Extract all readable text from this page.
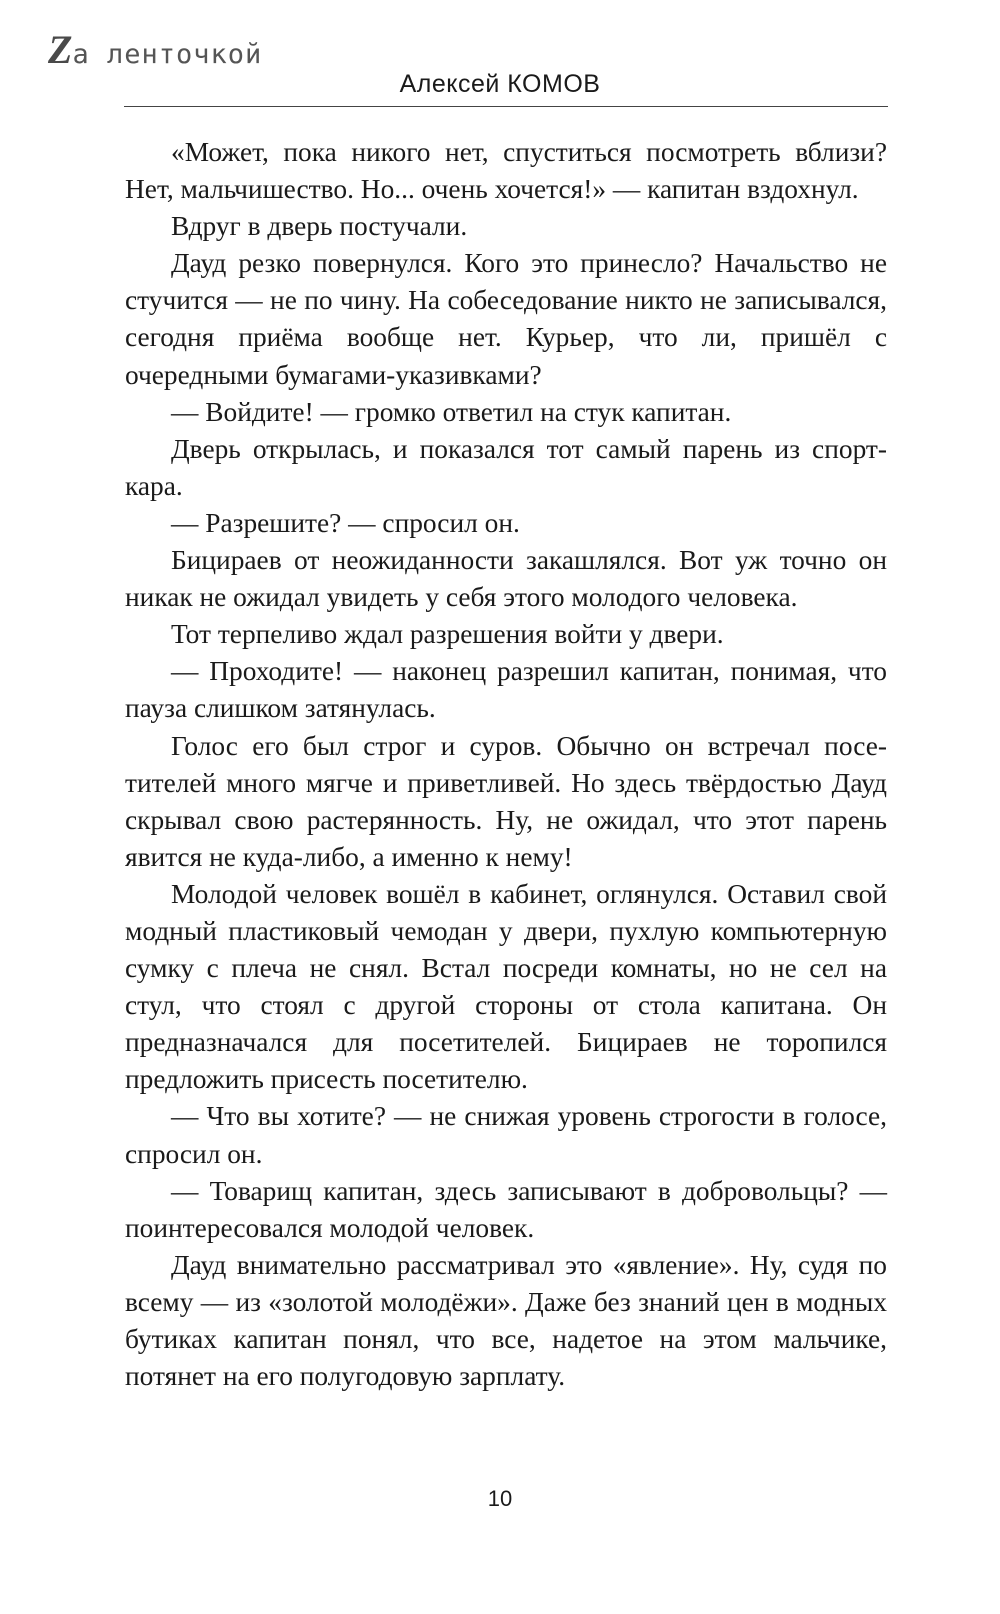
Za ленточкой
Алексей КОМОВ

«Может, пока никого нет, спуститься посмотреть вблизи? Нет, мальчишество. Но... очень хочется!» — капитан вздохнул.

Вдруг в дверь постучали.

Дауд резко повернулся. Кого это принесло? Начальство не стучится — не по чину. На собеседование никто не записывался, сегодня приёма вообще нет. Курьер, что ли, пришёл с очередными бумагами-указивками?

— Войдите! — громко ответил на стук капитан.

Дверь открылась, и показался тот самый парень из спорткара.

— Разрешите? — спросил он.

Бицираев от неожиданности закашлялся. Вот уж точно он никак не ожидал увидеть у себя этого молодого человека.

Тот терпеливо ждал разрешения войти у двери.

— Проходите! — наконец разрешил капитан, понимая, что пауза слишком затянулась.

Голос его был строг и суров. Обычно он встречал посетителей много мягче и приветливей. Но здесь твёрдостью Дауд скрывал свою растерянность. Ну, не ожидал, что этот парень явится не куда-либо, а именно к нему!

Молодой человек вошёл в кабинет, оглянулся. Оставил свой модный пластиковый чемодан у двери, пухлую компьютерную сумку с плеча не снял. Встал посреди комнаты, но не сел на стул, что стоял с другой стороны от стола капитана. Он предназначался для посетителей. Бицираев не торопился предложить присесть посетителю.

— Что вы хотите? — не снижая уровень строгости в голосе, спросил он.

— Товарищ капитан, здесь записывают в добровольцы? — поинтересовался молодой человек.

Дауд внимательно рассматривал это «явление». Ну, судя по всему — из «золотой молодёжи». Даже без знаний цен в модных бутиках капитан понял, что все, надетое на этом мальчике, потянет на его полугодовую зарплату.

10
